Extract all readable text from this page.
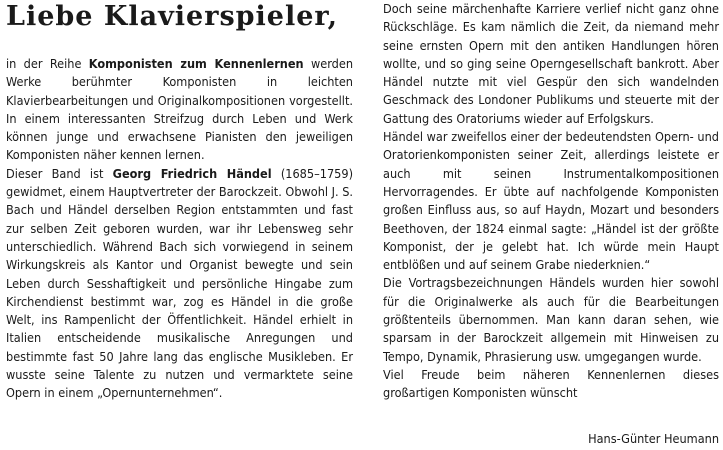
Liebe Klavierspieler,

in der Reihe Komponisten zum Kennenlernen werden Werke berühmter Komponisten in leichten Klavierbearbeitungen und Originalkompositionen vorgestellt. In einem interessanten Streifzug durch Leben und Werk können junge und erwachsene Pianisten den jeweiligen Komponisten näher kennen lernen.

Dieser Band ist Georg Friedrich Händel (1685–1759) gewidmet, einem Hauptvertreter der Barockzeit. Obwohl J. S. Bach und Händel derselben Region entstammten und fast zur selben Zeit geboren wurden, war ihr Lebensweg sehr unterschiedlich. Während Bach sich vorwiegend in seinem Wirkungskreis als Kantor und Organist bewegte und sein Leben durch Sesshaftigkeit und persönliche Hingabe zum Kirchendienst bestimmt war, zog es Händel in die große Welt, ins Rampenlicht der Öffentlichkeit. Händel erhielt in Italien entscheidende musikalische Anregungen und bestimmte fast 50 Jahre lang das englische Musikleben. Er wusste seine Talente zu nutzen und vermarktete seine Opern in einem „Opernunternehmen“.

Doch seine märchenhafte Karriere verlief nicht ganz ohne Rückschläge. Es kam nämlich die Zeit, da niemand mehr seine ernsten Opern mit den antiken Handlungen hören wollte, und so ging seine Operngesellschaft bankrott. Aber Händel nutzte mit viel Gespür den sich wandelnden Geschmack des Londoner Publikums und steuerte mit der Gattung des Oratoriums wieder auf Erfolgskurs.

Händel war zweifellos einer der bedeutendsten Opern- und Oratorienkomponisten seiner Zeit, allerdings leistete er auch mit seinen Instrumentalkompositionen Hervorragendes. Er übte auf nachfolgende Komponisten großen Einfluss aus, so auf Haydn, Mozart und besonders Beethoven, der 1824 einmal sagte: „Händel ist der größte Komponist, der je gelebt hat. Ich würde mein Haupt entblößen und auf seinem Grabe niederknien.“

Die Vortragsbezeichnungen Händels wurden hier sowohl für die Originalwerke als auch für die Bearbeitungen größtenteils übernommen. Man kann daran sehen, wie sparsam in der Barockzeit allgemein mit Hinweisen zu Tempo, Dynamik, Phrasierung usw. umgegangen wurde.

Viel Freude beim näheren Kennenlernen dieses großartigen Komponisten wünscht

Hans-Günter Heumann
